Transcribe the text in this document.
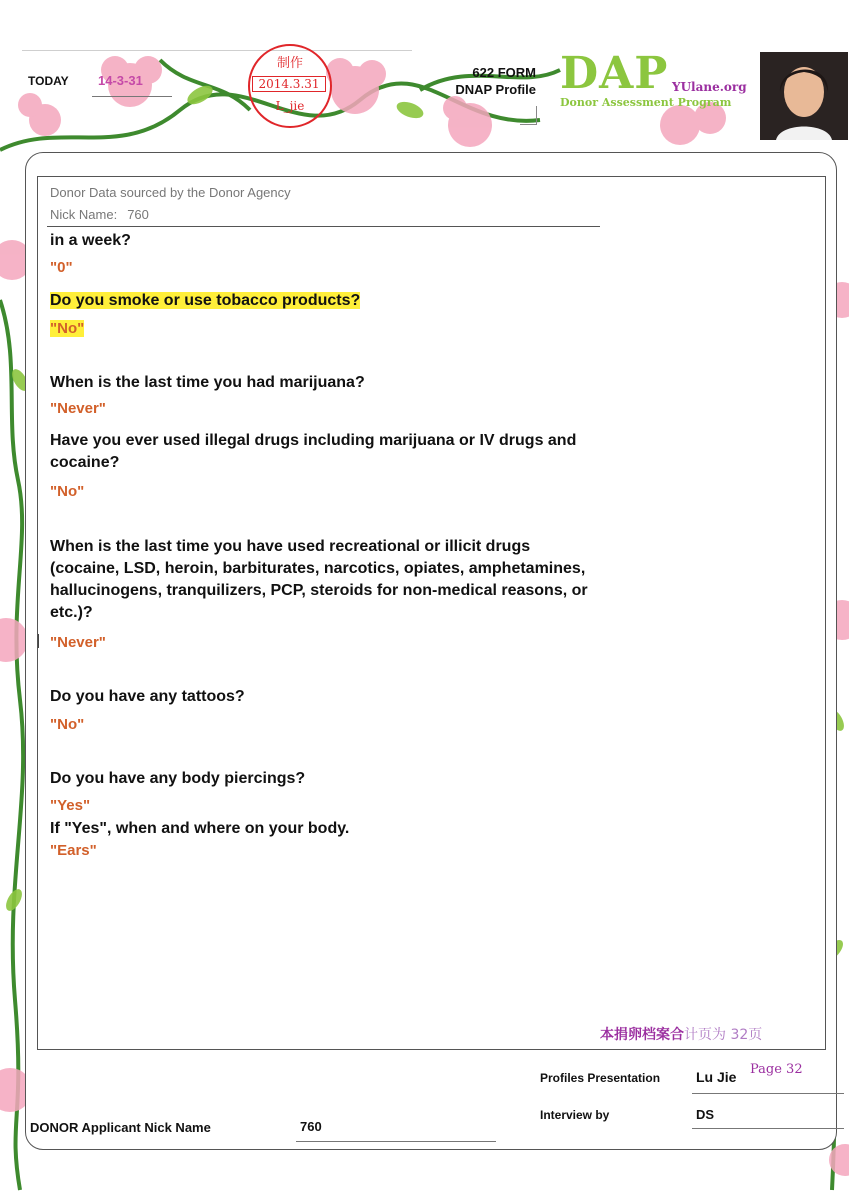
TODAY 14-3-31
制作
2014.3.31
L_jie
622 FORM
DNAP Profile DAP YUlane.org
Donor Assessment Program
Donor Data sourced by the Donor Agency
Nick Name: 760
in a week?
"0"
Do you smoke or use tobacco products?
"No"
When is the last time you had marijuana?
"Never"
Have you ever used illegal drugs including marijuana or IV drugs and cocaine?
"No"
When is the last time you have used recreational or illicit drugs (cocaine, LSD, heroin, barbiturates, narcotics, opiates, amphetamines, hallucinogens, tranquilizers, PCP, steroids for non-medical reasons, or etc.)?
"Never"
Do you have any tattoos?
"No"
Do you have any body piercings?
"Yes"
If "Yes", when and where on your body.
"Ears"
本捐卵档案合计页为 32页
Profiles Presentation	Lu Jie Page 32
Interview by	DS
DONOR Applicant Nick Name	760
